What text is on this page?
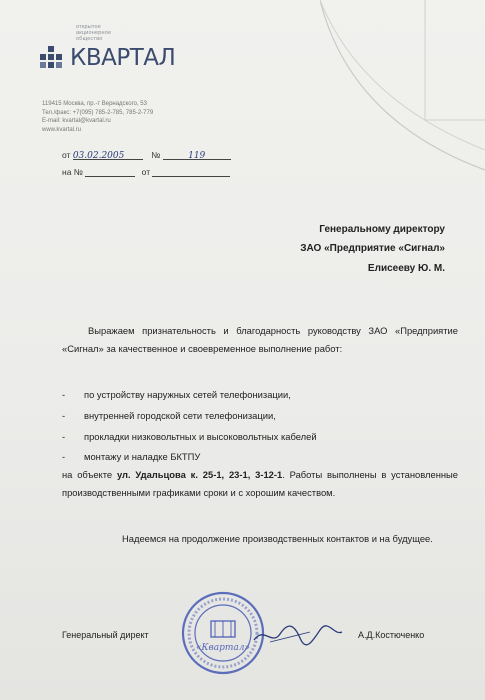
открытое
акционерное
общество
КВАРТАЛ
119415 Москва, пр.-т Вернадского, 53
Тел./факс: +7(095) 785-2-785, 785-2-779
E-mail: kvartal@kvartal.ru
www.kvartal.ru
от 03.02.2005	№	119
на №	от
Генеральному директору
ЗАО «Предприятие «Сигнал»
Елисееву Ю. М.
Выражаем признательность и благодарность руководству ЗАО «Предприятие «Сигнал» за качественное и своевременное выполнение работ:
- по устройству наружных сетей телефонизации,
- внутренней городской сети телефонизации,
- прокладки низковольтных и высоковольтных кабелей
- монтажу и наладке БКТПУ
на объекте ул. Удальцова к. 25-1, 23-1, 3-12-1. Работы выполнены в установленные производственными графиками сроки и с хорошим качеством.
Надеемся на продолжение производственных контактов и на будущее.
«Квартал»
Генеральный директ	А.Д.Костюченко
